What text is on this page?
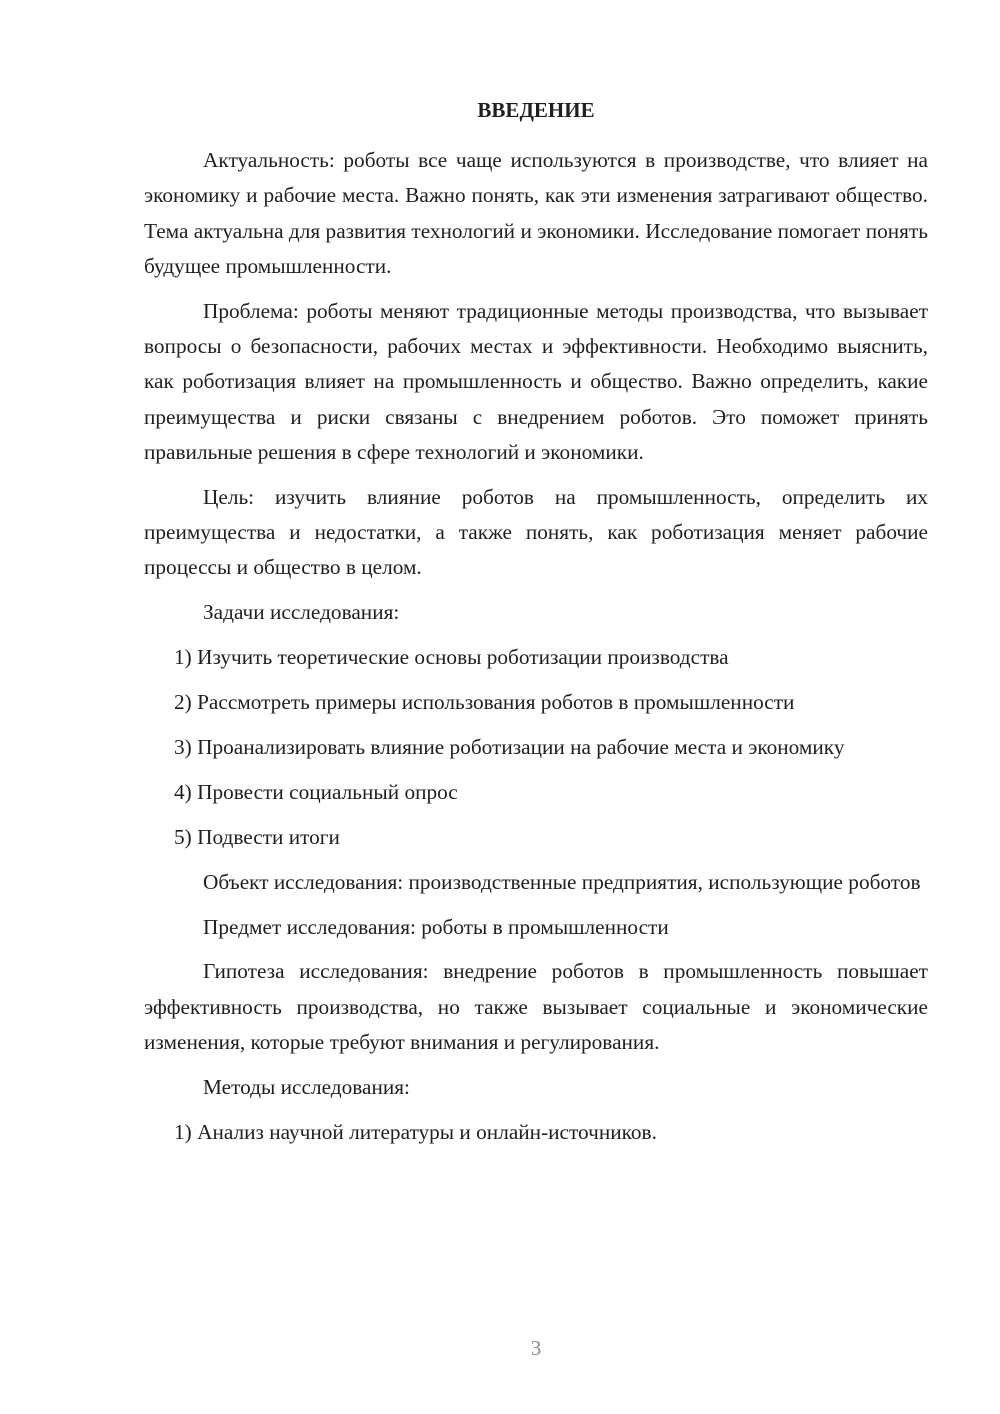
ВВЕДЕНИЕ

Актуальность: роботы все чаще используются в производстве, что влияет на экономику и рабочие места. Важно понять, как эти изменения затрагивают общество. Тема актуальна для развития технологий и экономики. Исследование помогает понять будущее промышленности.

Проблема: роботы меняют традиционные методы производства, что вызывает вопросы о безопасности, рабочих местах и эффективности. Необходимо выяснить, как роботизация влияет на промышленность и общество. Важно определить, какие преимущества и риски связаны с внедрением роботов. Это поможет принять правильные решения в сфере технологий и экономики.

Цель: изучить влияние роботов на промышленность, определить их преимущества и недостатки, а также понять, как роботизация меняет рабочие процессы и общество в целом.

Задачи исследования:

1) Изучить теоретические основы роботизации производства

2) Рассмотреть примеры использования роботов в промышленности

3) Проанализировать влияние роботизации на рабочие места и экономику

4) Провести социальный опрос

5) Подвести итоги

Объект исследования: производственные предприятия, использующие роботов

Предмет исследования: роботы в промышленности

Гипотеза исследования: внедрение роботов в промышленность повышает эффективность производства, но также вызывает социальные и экономические изменения, которые требуют внимания и регулирования.

Методы исследования:

1) Анализ научной литературы и онлайн-источников.

3
